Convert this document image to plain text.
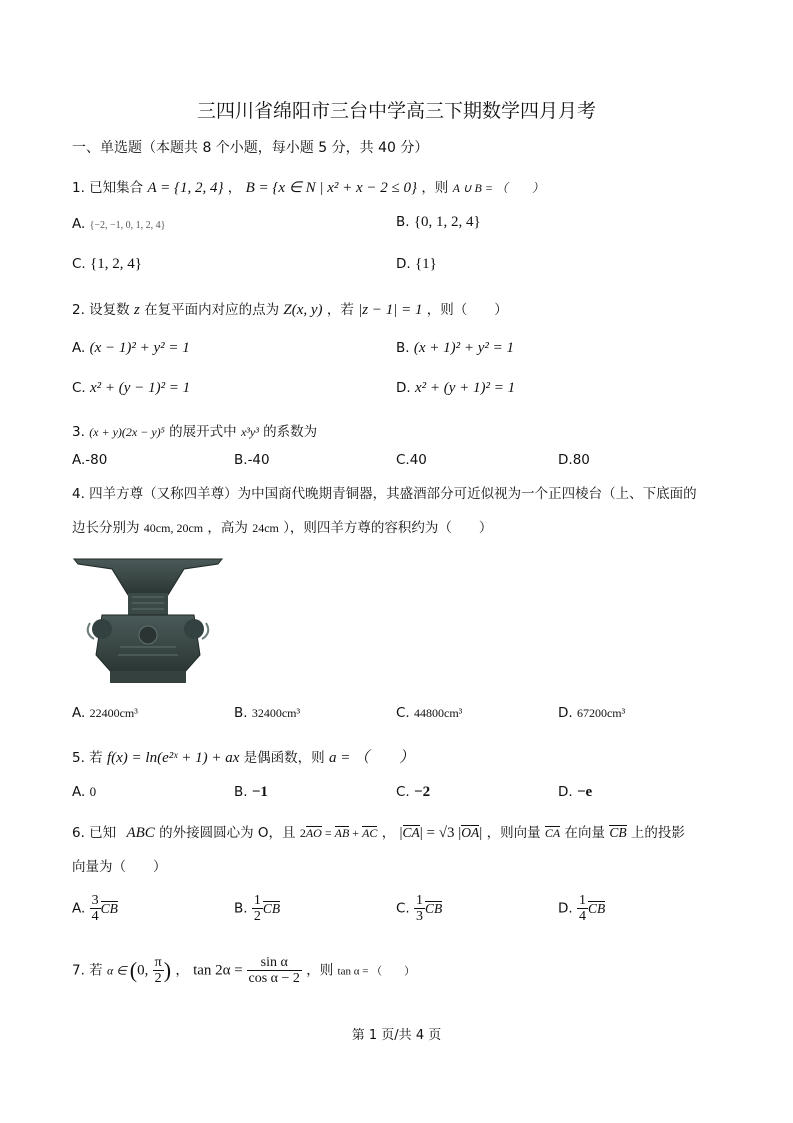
三四川省绵阳市三台中学高三下期数学四月月考
一、单选题（本题共 8 个小题，每小题 5 分，共 40 分）
1. 已知集合 A = {1, 2, 4} ， B = {x ∈ N | x² + x − 2 ≤ 0} ，则 A ∪ B = （　　）
A. {−2, −1, 0, 1, 2, 4}	B. {0, 1, 2, 4}
C. {1, 2, 4}	D. {1}
2. 设复数 z 在复平面内对应的点为 Z(x, y) ，若 |z − 1| = 1 ，则（　　）
A. (x − 1)² + y² = 1	B. (x + 1)² + y² = 1
C. x² + (y − 1)² = 1	D. x² + (y + 1)² = 1
3. (x + y)(2x − y)⁵ 的展开式中 x³y³ 的系数为
A.-80	B.-40	C.40	D.80
4. 四羊方尊（又称四羊尊）为中国商代晚期青铜器，其盛酒部分可近似视为一个正四棱台（上、下底面的
边长分别为 40cm, 20cm ，高为 24cm ），则四羊方尊的容积约为（　　）
A. 22400cm³	B. 32400cm³	C. 44800cm³	D. 67200cm³
5. 若 f(x) = ln(e²ˣ + 1) + ax 是偶函数，则 a = （　　）
A. 0	B. −1	C. −2	D. −e
6. 已知 ABC 的外接圆圆心为 O，且 2AO = AB + AC ， |CA| = √3 |OA| ，则向量 CA 在向量 CB 上的投影
向量为（　　）
A. $\frac{3}{4}$ CB	B. $\frac{1}{2}$ CB	C. $\frac{1}{3}$ CB	D. $\frac{1}{4}$ CB
7. 若 α ∈ (0, $\frac{\pi}{2}$ ) ， $\tan 2\alpha = \frac{\text{sin α}}{\text{cos α − 2}}$ ，则 tan α = （　　）
第 1 页/共 4 页
